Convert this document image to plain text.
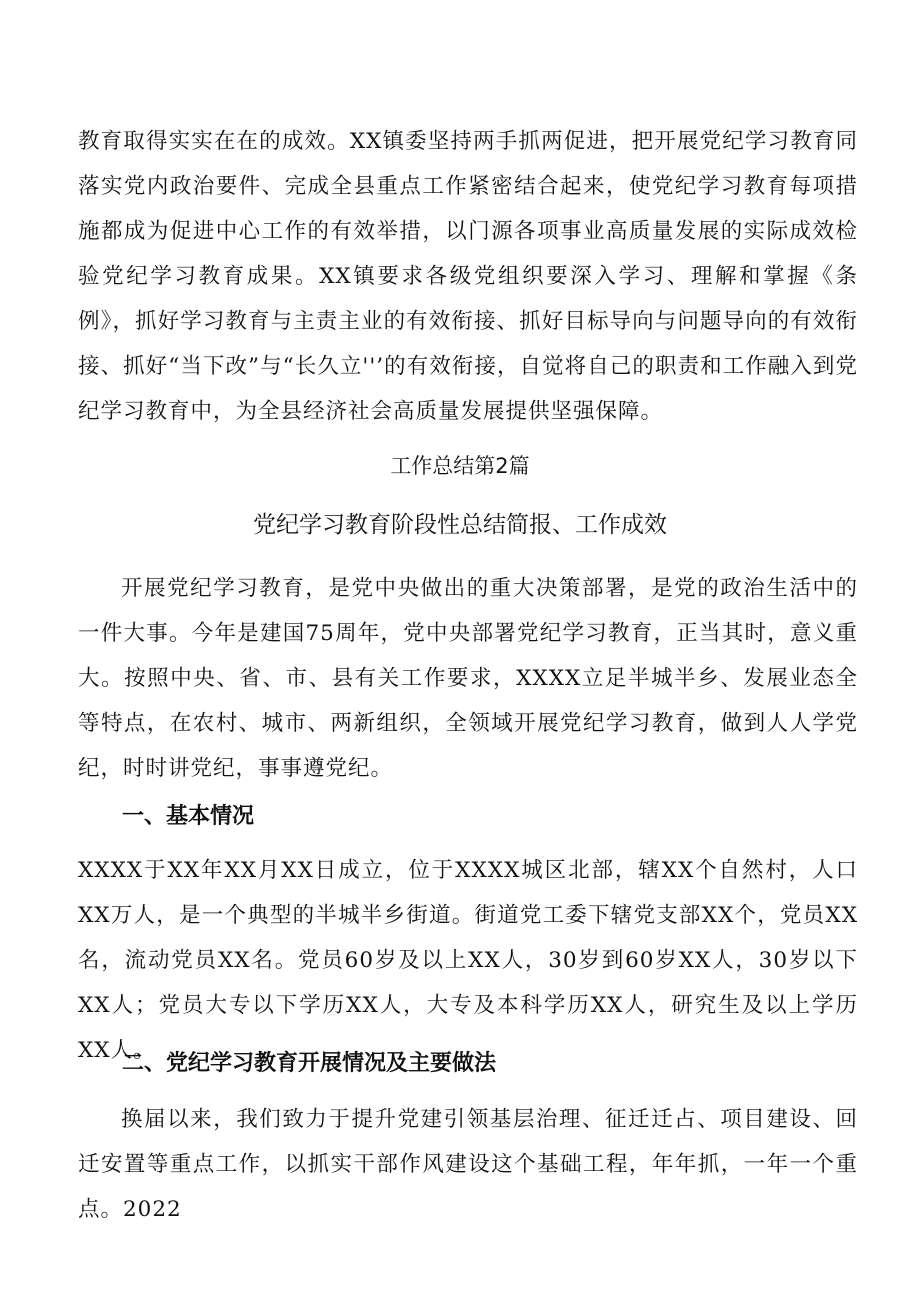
教育取得实实在在的成效。XX镇委坚持两手抓两促进，把开展党纪学习教育同落实党内政治要件、完成全县重点工作紧密结合起来，使党纪学习教育每项措施都成为促进中心工作的有效举措，以门源各项事业高质量发展的实际成效检验党纪学习教育成果。XX镇要求各级党组织要深入学习、理解和掌握《条例》，抓好学习教育与主责主业的有效衔接、抓好目标导向与问题导向的有效衔接、抓好“当下改”与“长久立''’的有效衔接，自觉将自己的职责和工作融入到党纪学习教育中，为全县经济社会高质量发展提供坚强保障。

工作总结第2篇

党纪学习教育阶段性总结简报、工作成效

开展党纪学习教育，是党中央做出的重大决策部署，是党的政治生活中的一件大事。今年是建国75周年，党中央部署党纪学习教育，正当其时，意义重大。按照中央、省、市、县有关工作要求，XXXX立足半城半乡、发展业态全等特点，在农村、城市、两新组织，全领域开展党纪学习教育，做到人人学党纪，时时讲党纪，事事遵党纪。

一、基本情况

XXXX于XX年XX月XX日成立，位于XXXX城区北部，辖XX个自然村，人口XX万人，是一个典型的半城半乡街道。街道党工委下辖党支部XX个，党员XX名，流动党员XX名。党员60岁及以上XX人，30岁到60岁XX人，30岁以下XX人；党员大专以下学历XX人，大专及本科学历XX人，研究生及以上学历XX人。

二、党纪学习教育开展情况及主要做法

换届以来，我们致力于提升党建引领基层治理、征迁迁占、项目建设、回迁安置等重点工作，以抓实干部作风建设这个基础工程，年年抓，一年一个重点。2022
